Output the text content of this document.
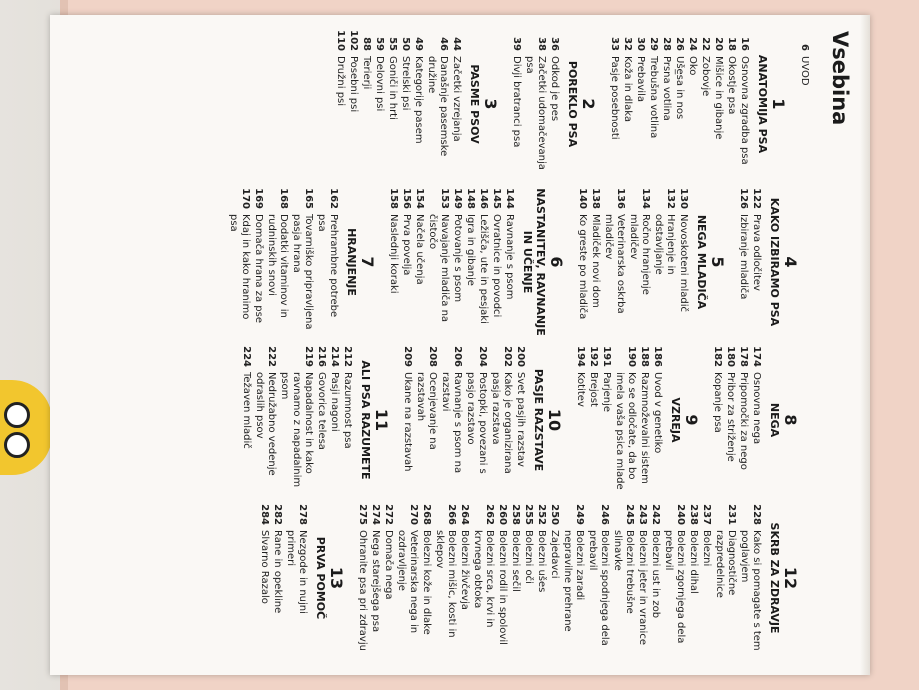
Vsebina
6
UVOD
1
ANATOMIJA PSA
16
Osnovna zgradba psa
18
Okostje psa
20
Mišice in gibanje
22
Zobovje
24
Oko
26
Uše̲sa in nos
28
Prsna votlina
29
Trebušna votlina
30
Prebavila
32
Koža in dlaka
33
Pasje posebnosti
2
POREKLO PSA
36
Odkod je pes
38
Začetki udomačevanja psa
39
Divji bratranci psa
3
PASME PSOV
44
Začetki vzrejanja
46
Današnje pasemske družine
49
Kategorije pasem
50
Strelski psi
55
Goniči in hrti
59
Delovni psi
88
Terierji
102
Posebni psi
110
Družni psi
4
KAKO IZBIRAMO PSA
122
Prava odločitev
126
Izbiranje mladiča
5
NEGA MLADIČA
130
Novoskoteni mladič
132
Hranjenje in odstavljanje
134
Ročno hranjenje mladičev
136
Veterinarska oskrba mladičev
138
Mladiček novi dom
140
Ko greste po mladiča
6
NASTANITEV, RAVNANJE IN UČENJE
144
Ravnanje s psom
145
Ovratnice in povodci
146
Ležišča, ute in pesjaki
148
Igra in gibanje
149
Potovanje s psom
153
Navajanje mladiča na čistočo
154
Načela učenja
156
Prva povelja
158
Naslednji koraki
7
HRANJENJE
162
Prehrambne potrebe psa
165
Tovarniško pripravljena pasja hrana
168
Dodatki vitaminov in rudninskih snovi
169
Domača hrana za pse
170
Kdaj in kako hranimo psa
8
NEGA
174
Osnovna nega
178
Pripomočki za nego
180
Pribor za striženje
182
Kopanje psa
9
VZREJA
186
Uvod v genetiko
188
Razmnoževalni sistem
190
Ko se odločate, da bo imela vaša psica mlade
191
Parjenje
192
Brejost
194
Kotitev
10
PASJE RAZSTAVE
200
Svet pasjih razstav
202
Kako je organizirana pasja razstava
204
Postopki, povezani s pasjo razstavo
206
Ravnanje s psom na razstavi
208
Ocenjevanje na razstavah
209
Ukane na razstavah
11
ALI PSA RAZUMETE
212
Razumnost psa
214
Pasji nagoni
216
Govorica telesa
219
Napadalnost in kako ravnamo z napadalnim psom
222
Nedružabno vedenje odraslih psov
224
Težaven mladič
12
SKRB ZA ZDRAVJE
228
Kako si pomagate s tem poglavjem
231
Diagnostične razpredelnice
237
Bolezni
238
Bolezni dihal
240
Bolezni zgornjega dela prebavil
242
Bolezni ust in zob
243
Bolezni jeter in vranice
245
Bolezni trebušne slinavke
246
Bolezni spodnjega dela prebavil
249
Bolezni zaradi nepravilne prehrane
250
Zajedavci
252
Bolezni ušes
255
Bolezni oči
258
Bolezni sečil
260
Bolezni rodil in spolovil
262
Bolezni srca, krvi in krvnega obtoka
264
Bolezni živčevja
266
Bolezni mišic, kosti in sklepov
268
Bolezni kože in dlake
270
Veterinarska nega in ozdravljenje
272
Domača nega
274
Nega starejšega psa
275
Ohranite psa pri zdravju
13
PRVA POMOČ
278
Nezgode in nujni primeri
282
Rane in opekline
284
Slvarno Razalo
